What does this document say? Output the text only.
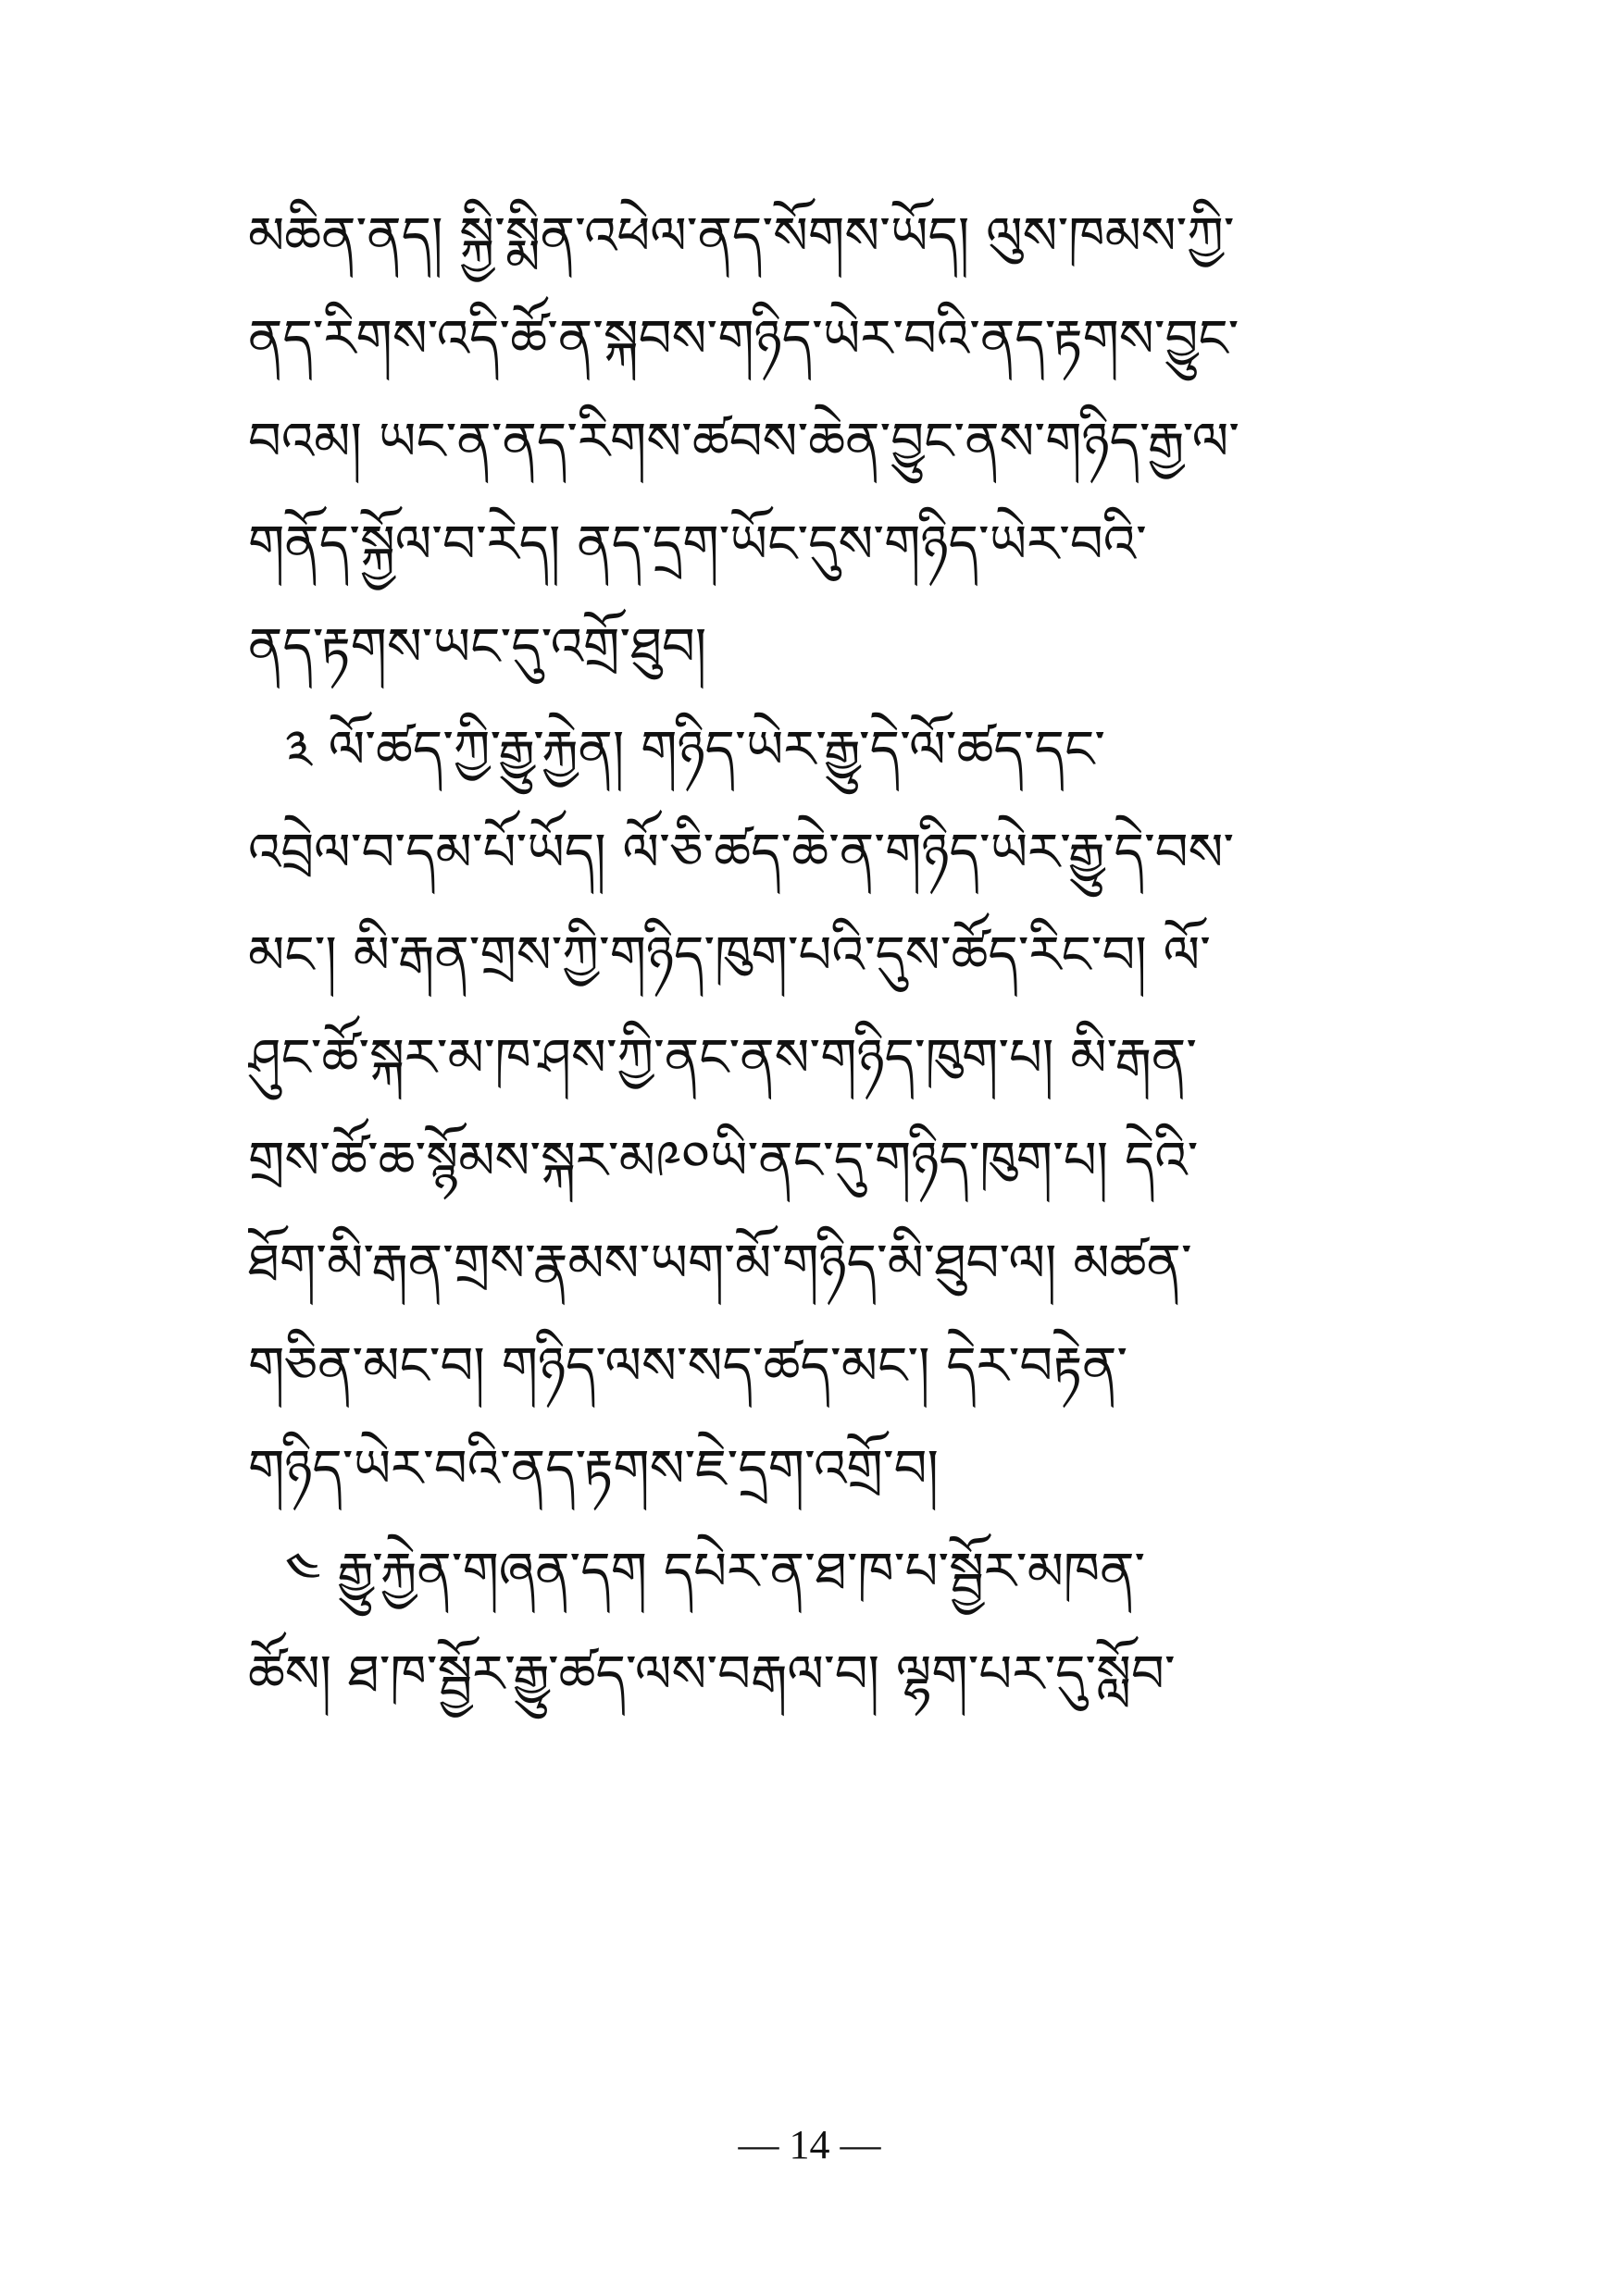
མཆིན་ནད། སྐྱི་སྨིན་འཕེལ་ནད་སོགས་ཡོད། ལུས་ཁམས་ཀྱི་
ནད་རིགས་འདི་ཚོ་ན་སྐབས་གཉིད་ཡེར་བའི་ནད་རྟགས་བྱུང་
བའམ། ཡང་ན་ནད་རིགས་ཚབས་ཆེན་བྱུང་ནས་གཉིད་རྒྱ་ལ་
གནོད་སྐྱོལ་བ་རེད། ནད་དྲག་ཡོང་དུས་གཉིད་ཡེར་བའི་
ནད་རྟགས་ཡང་དུ་འགྲོ་ཐུབ།
༣ ལོ་ཚད་ཀྱི་རྒྱུ་རྐྱེན། གཉིད་ཡེར་རྒྱུ་དེ་ལོ་ཚད་དང་
འབྲེལ་བ་དམ་པོ་ཡོད། ལོ་ཅི་ཚད་ཆེ་ན་གཉིད་ཡེར་རྒྱུ་དེ་བས་
མང་། མི་རྒན་གྲས་ཀྱི་གཉིད་ཁུག་པའི་དུས་ཚོད་རིང་བ། ལོ་
ཤུང་ཚོ་སྐར་མ་ཁ་ཤས་ཀྱི་ནང་ནས་གཉིད་ཁུག་པ། མི་རྒན་
གྲས་ཚོ་ཆ་སྙོམས་སྐར་མ༩༠ཡི་ནང་དུ་གཉིད་ཁུག་པ། དེའི་
ཐོག་མི་རྒན་གྲས་རྣམས་ཡག་མོ་གཉིད་མི་ཐུབ་ལ། མཚན་
གཅིན་མང་བ། གཉིད་ལས་སད་ཚད་མང་། དེར་བརྟེན་
གཉིད་ཡེར་བའི་ནད་རྟགས་ཇེ་དྲག་འགྲོ་བ།
༤ རྒྱུ་རྐྱེན་གཞན་དག དཔེར་ན་ཐ་ཁ་པ་སྦྱོར་མཁན་
ཚོས། ཐ་ཁ་སྦྱོར་རྒྱུ་ཚད་ལས་བརྒལ་བ། ལྷག་པར་དུ་སློབ་
— 14 —
